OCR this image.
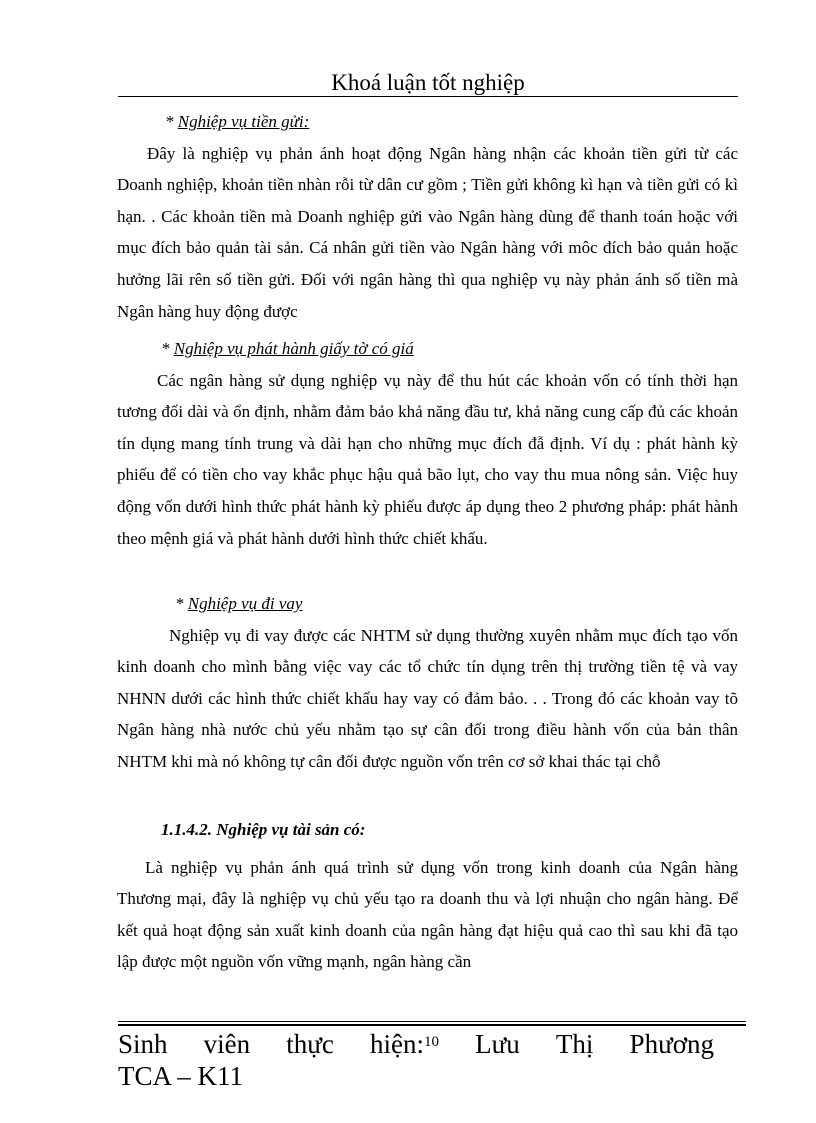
Khoá luận tốt nghiệp

* Nghiệp vụ tiền gửi:

Đây là nghiệp vụ phản ánh hoạt động Ngân hàng nhận các khoản tiền gửi từ các Doanh nghiệp, khoản tiền nhàn rỗi từ dân cư gồm ; Tiền gửi không kì hạn và tiền gửi có kì hạn. . Các khoản tiền mà Doanh nghiệp gửi vào Ngân hàng dùng để thanh toán hoặc với mục đích bảo quản tài sản. Cá nhân gửi tiền vào Ngân hàng với môc đích bảo quản hoặc hưởng lãi rên số tiền gửi. Đối với ngân hàng thì qua nghiệp vụ này phản ánh số tiền mà Ngân hàng huy động được

* Nghiệp vụ phát hành giấy tờ có giá

Các ngân hàng sử dụng nghiệp vụ này để thu hút các khoản vốn có tính thời hạn tương đối dài và ổn định, nhằm đảm bảo khả năng đầu tư, khả năng cung cấp đủ các khoản tín dụng mang tính trung và dài hạn cho những mục đích đẫ định. Ví dụ : phát hành kỳ phiếu để có tiền cho vay khắc phục hậu quả bão lụt, cho vay thu mua nông sản. Việc huy động vốn dưới hình thức phát hành kỳ phiếu được áp dụng theo 2 phương pháp: phát hành theo mệnh giá và phát hành dưới hình thức chiết khấu.

* Nghiệp vụ đi vay

Nghiệp vụ đi vay được các NHTM sử dụng thường xuyên nhằm mục đích tạo vốn kinh doanh cho mình bằng việc vay các tổ chức tín dụng trên thị trường tiền tệ và vay NHNN dưới các hình thức chiết khấu hay vay có đảm bảo. . . Trong đó các khoản vay tõ Ngân hàng nhà nước chủ yếu nhằm tạo sự cân đối trong điều hành vốn của bản thân NHTM khi mà nó không tự cân đối được nguồn vốn trên cơ sở khai thác tại chỗ

1.1.4.2. Nghiệp vụ tài sản có:

Là nghiệp vụ phản ánh quá trình sử dụng vốn trong kinh doanh của Ngân hàng Thương mại, đây là nghiệp vụ chủ yếu tạo ra doanh thu và lợi nhuận cho ngân hàng. Để kết quả hoạt động sản xuất kinh doanh của ngân hàng đạt hiệu quả cao thì sau khi đã tạo lập được một nguồn vốn vững mạnh, ngân hàng cần

Sinh viên thực hiện:$^{10}$ Lưu Thị Phương
TCA – K11
